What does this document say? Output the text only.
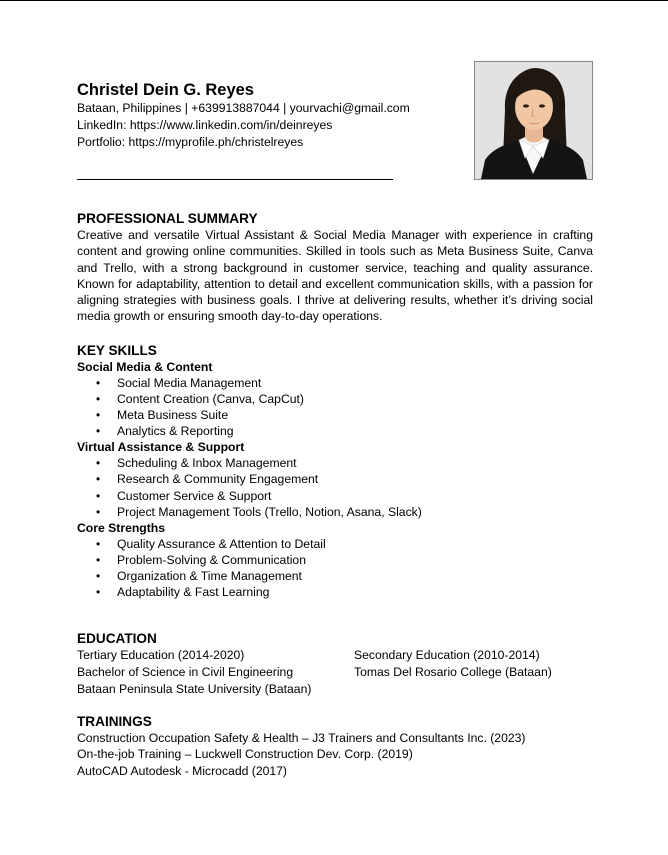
Christel Dein G. Reyes

Bataan, Philippines | +639913887044 | yourvachi@gmail.com

LinkedIn: https://www.linkedin.com/in/deinreyes

Portfolio: https://myprofile.ph/christelreyes

PROFESSIONAL SUMMARY

Creative and versatile Virtual Assistant & Social Media Manager with experience in crafting content and growing online communities. Skilled in tools such as Meta Business Suite, Canva and Trello, with a strong background in customer service, teaching and quality assurance. Known for adaptability, attention to detail and excellent communication skills, with a passion for aligning strategies with business goals. I thrive at delivering results, whether it’s driving social media growth or ensuring smooth day-to-day operations.

KEY SKILLS

Social Media & Content

• Social Media Management
• Content Creation (Canva, CapCut)
• Meta Business Suite
• Analytics & Reporting

Virtual Assistance & Support

• Scheduling & Inbox Management
• Research & Community Engagement
• Customer Service & Support
• Project Management Tools (Trello, Notion, Asana, Slack)

Core Strengths

• Quality Assurance & Attention to Detail
• Problem-Solving & Communication
• Organization & Time Management
• Adaptability & Fast Learning

EDUCATION

Tertiary Education (2014-2020)
Bachelor of Science in Civil Engineering
Bataan Peninsula State University (Bataan)
Secondary Education (2010-2014)
Tomas Del Rosario College (Bataan)

TRAININGS

Construction Occupation Safety & Health – J3 Trainers and Consultants Inc. (2023)

On-the-job Training – Luckwell Construction Dev. Corp. (2019)

AutoCAD Autodesk - Microcadd (2017)
